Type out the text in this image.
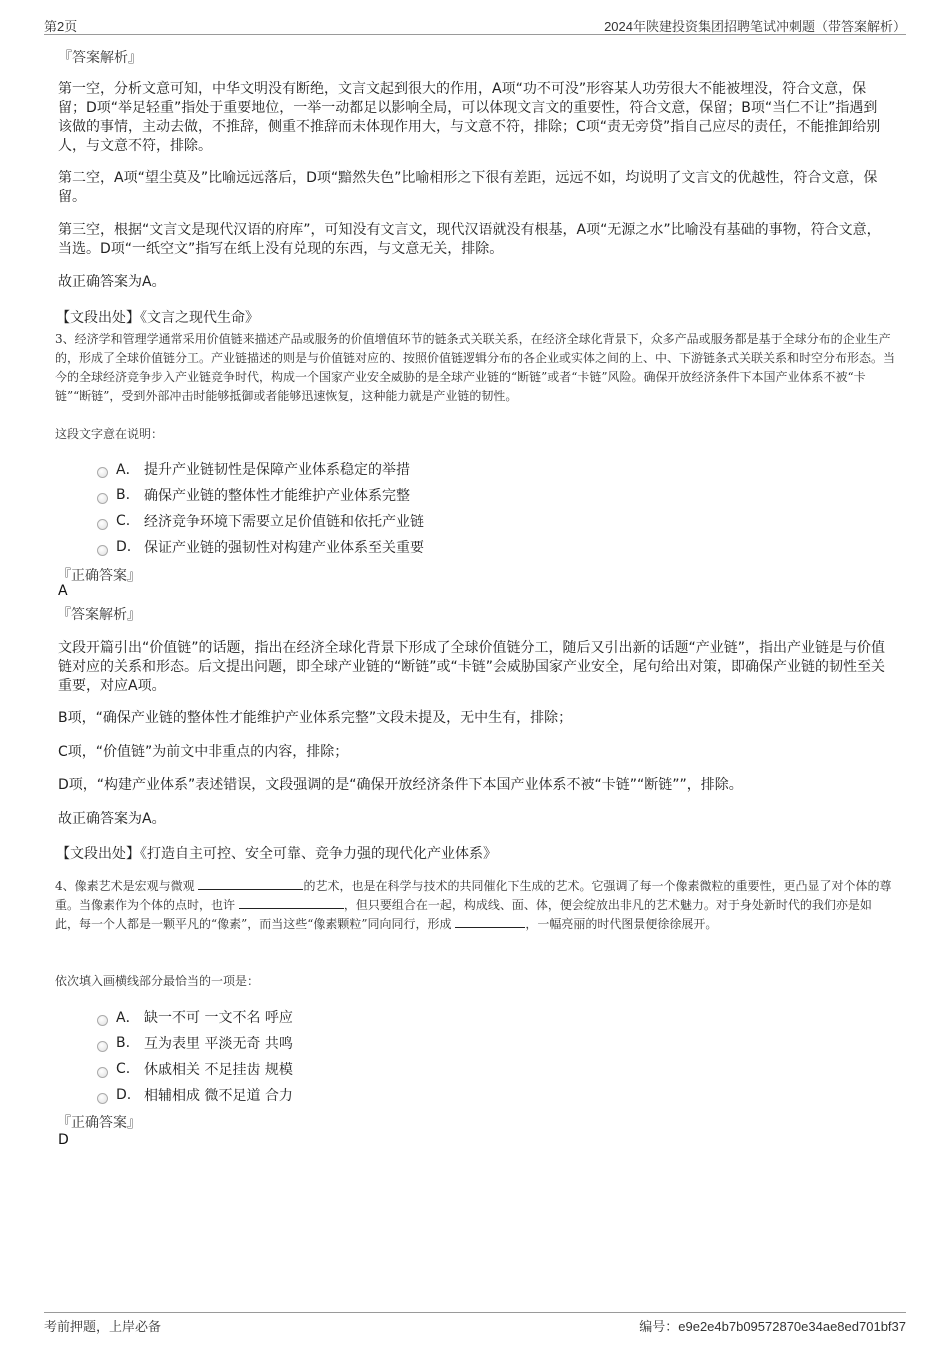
第2页	2024年陕建投资集团招聘笔试冲刺题（带答案解析）
『答案解析』
第一空，分析文意可知，中华文明没有断绝，文言文起到很大的作用，A项“功不可没”形容某人功劳很大不能被埋没，符合文意，保留；D项“举足轻重”指处于重要地位，一举一动都足以影响全局，可以体现文言文的重要性，符合文意，保留；B项“当仁不让”指遇到该做的事情，主动去做，不推辞，侧重不推辞而未体现作用大，与文意不符，排除；C项“责无旁贷”指自己应尽的责任，不能推卸给别人，与文意不符，排除。
第二空，A项“望尘莫及”比喻远远落后，D项“黯然失色”比喻相形之下很有差距，远远不如，均说明了文言文的优越性，符合文意，保留。
第三空，根据“文言文是现代汉语的府库”，可知没有文言文，现代汉语就没有根基，A项“无源之水”比喻没有基础的事物，符合文意，当选。D项“一纸空文”指写在纸上没有兑现的东西，与文意无关，排除。
故正确答案为A。
【文段出处】《文言之现代生命》
3、经济学和管理学通常采用价值链来描述产品或服务的价值增值环节的链条式关联关系，在经济全球化背景下，众多产品或服务都是基于全球分布的企业生产的，形成了全球价值链分工。产业链描述的则是与价值链对应的、按照价值链逻辑分布的各企业或实体之间的上、中、下游链条式关联关系和时空分布形态。当今的全球经济竞争步入产业链竞争时代，构成一个国家产业安全威胁的是全球产业链的“断链”或者“卡链”风险。确保开放经济条件下本国产业体系不被“卡链”“断链”，受到外部冲击时能够抵御或者能够迅速恢复，这种能力就是产业链的韧性。
这段文字意在说明：
A． 提升产业链韧性是保障产业体系稳定的举措
B. 确保产业链的整体性才能维护产业体系完整
C. 经济竞争环境下需要立足价值链和依托产业链
D. 保证产业链的强韧性对构建产业体系至关重要
『正确答案』
A
『答案解析』
文段开篇引出“价值链”的话题，指出在经济全球化背景下形成了全球价值链分工，随后又引出新的话题“产业链”，指出产业链是与价值链对应的关系和形态。后文提出问题，即全球产业链的“断链”或“卡链”会威胁国家产业安全，尾句给出对策，即确保产业链的韧性至关重要，对应A项。
B项，“确保产业链的整体性才能维护产业体系完整”文段未提及，无中生有，排除；
C项，“价值链”为前文中非重点的内容，排除；
D项，“构建产业体系”表述错误，文段强调的是“确保开放经济条件下本国产业体系不被“卡链”“断链””，排除。
故正确答案为A。
【文段出处】《打造自主可控、安全可靠、竞争力强的现代化产业体系》
4、像素艺术是宏观与微观	的艺术，也是在科学与技术的共同催化下生成的艺术。它强调了每一个像素微粒的重要性，更凸显了对个体的尊重。当像素作为个体的点时，也许	，但只要组合在一起，构成线、面、体，便会绽放出非凡的艺术魅力。对于身处新时代的我们亦是如此，每一个人都是一颗平凡的“像素”，而当这些“像素颗粒”同向同行，形成	，一幅亮丽的时代图景便徐徐展开。
依次填入画横线部分最恰当的一项是：
A． 缺一不可 一文不名 呼应
B. 互为表里 平淡无奇 共鸣
C. 休戚相关 不足挂齿 规模
D. 相辅相成 微不足道 合力
『正确答案』
D
考前押题，上岸必备	编号：e9e2e4b7b09572870e34ae8ed701bf37
